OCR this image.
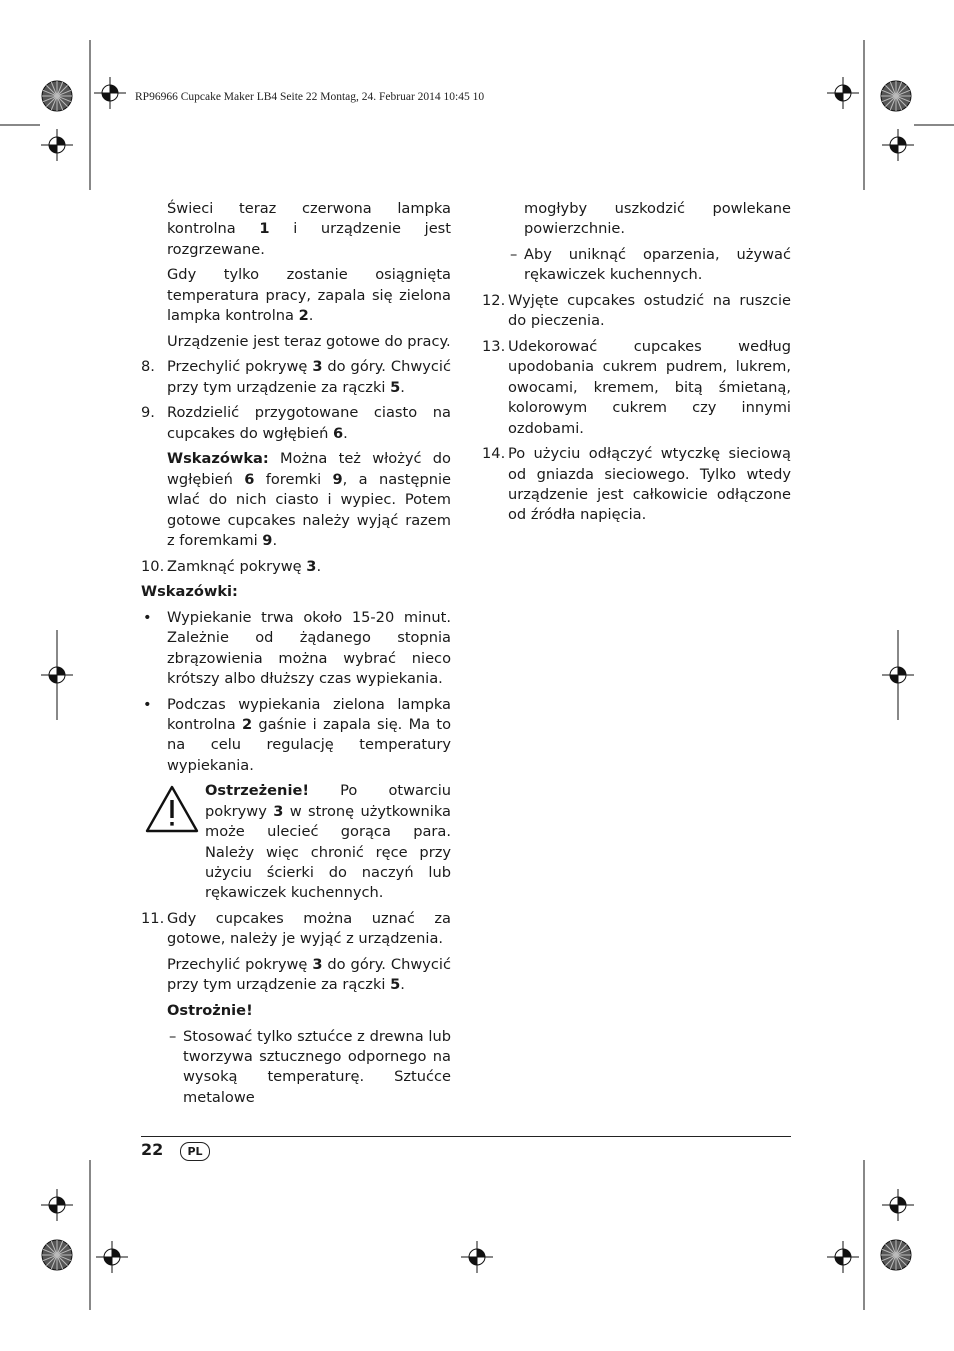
RP96966 Cupcake Maker LB4 Seite 22 Montag, 24. Februar 2014 10:45 10

Świeci teraz czerwona lampka kontrolna 1 i urządzenie jest rozgrzewane.

Gdy tylko zostanie osiągnięta temperatura pracy, zapala się zielona lampka kontrolna 2.

Urządzenie jest teraz gotowe do pracy.

8. Przechylić pokrywę 3 do góry. Chwycić przy tym urządzenie za rączki 5.

9. Rozdzielić przygotowane ciasto na cupcakes do wgłębień 6.

Wskazówka: Można też włożyć do wgłębień 6 foremki 9, a następnie wlać do nich ciasto i wypiec. Potem gotowe cupcakes należy wyjąć razem z foremkami 9.

10. Zamknąć pokrywę 3.

Wskazówki:

• Wypiekanie trwa około 15-20 minut. Zależnie od żądanego stopnia zbrązowienia można wybrać nieco krótszy albo dłuższy czas wypiekania.

• Podczas wypiekania zielona lampka kontrolna 2 gaśnie i zapala się. Ma to na celu regulację temperatury wypiekania.

Ostrzeżenie! Po otwarciu pokrywy 3 w stronę użytkownika może ulecieć gorąca para. Należy więc chronić ręce przy użyciu ścierki do naczyń lub rękawiczek kuchennych.

11. Gdy cupcakes można uznać za gotowe, należy je wyjąć z urządzenia.

Przechylić pokrywę 3 do góry. Chwycić przy tym urządzenie za rączki 5.

Ostrożnie!

– Stosować tylko sztućce z drewna lub tworzywa sztucznego odpornego na wysoką temperaturę. Sztućce metalowe

mogłyby uszkodzić powlekane powierzchnie.

– Aby uniknąć oparzenia, używać rękawiczek kuchennych.

12. Wyjęte cupcakes ostudzić na ruszcie do pieczenia.

13. Udekorować cupcakes według upodobania cukrem pudrem, lukrem, owocami, kremem, bitą śmietaną, kolorowym cukrem czy innymi ozdobami.

14. Po użyciu odłączyć wtyczkę sieciową od gniazda sieciowego. Tylko wtedy urządzenie jest całkowicie odłączone od źródła napięcia.

22	PL
